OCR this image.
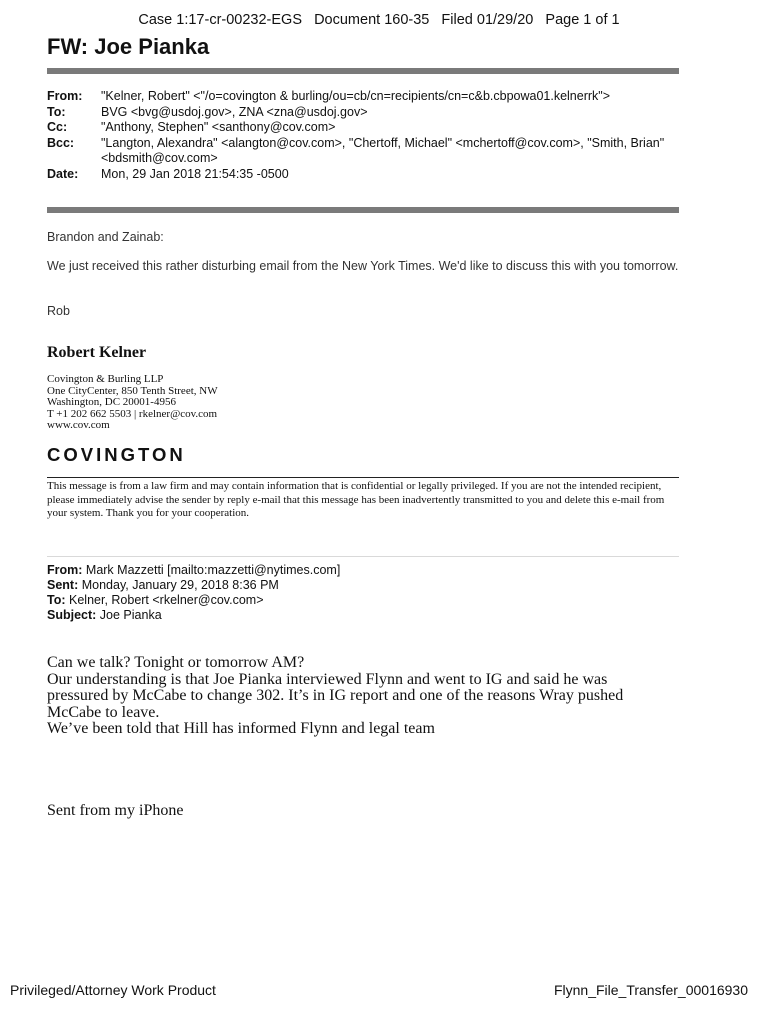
Case 1:17-cr-00232-EGS   Document 160-35   Filed 01/29/20   Page 1 of 1
FW: Joe Pianka
From:	"Kelner, Robert" <"/o=covington & burling/ou=cb/cn=recipients/cn=c&b.cbpowa01.kelnerrk">
To:	BVG <bvg@usdoj.gov>, ZNA <zna@usdoj.gov>
Cc:	"Anthony, Stephen" <santhony@cov.com>
Bcc:	"Langton, Alexandra" <alangton@cov.com>, "Chertoff, Michael" <mchertoff@cov.com>, "Smith, Brian" <bdsmith@cov.com>
Date:	Mon, 29 Jan 2018 21:54:35 -0500
Brandon and Zainab:
We just received this rather disturbing email from the New York Times. We'd like to discuss this with you tomorrow.
Rob
Robert Kelner
Covington & Burling LLP
One CityCenter, 850 Tenth Street, NW
Washington, DC 20001-4956
T +1 202 662 5503 | rkelner@cov.com
www.cov.com
COVINGTON
This message is from a law firm and may contain information that is confidential or legally privileged. If you are not the intended recipient, please immediately advise the sender by reply e-mail that this message has been inadvertently transmitted to you and delete this e-mail from your system. Thank you for your cooperation.
From: Mark Mazzetti [mailto:mazzetti@nytimes.com]
Sent: Monday, January 29, 2018 8:36 PM
To: Kelner, Robert <rkelner@cov.com>
Subject: Joe Pianka
Can we talk? Tonight or tomorrow AM?
Our understanding is that Joe Pianka interviewed Flynn and went to IG and said he was
pressured by McCabe to change 302. It’s in IG report and one of the reasons Wray pushed
McCabe to leave.
We’ve been told that Hill has informed Flynn and legal team
Sent from my iPhone
Privileged/Attorney Work Product	Flynn_File_Transfer_00016930
